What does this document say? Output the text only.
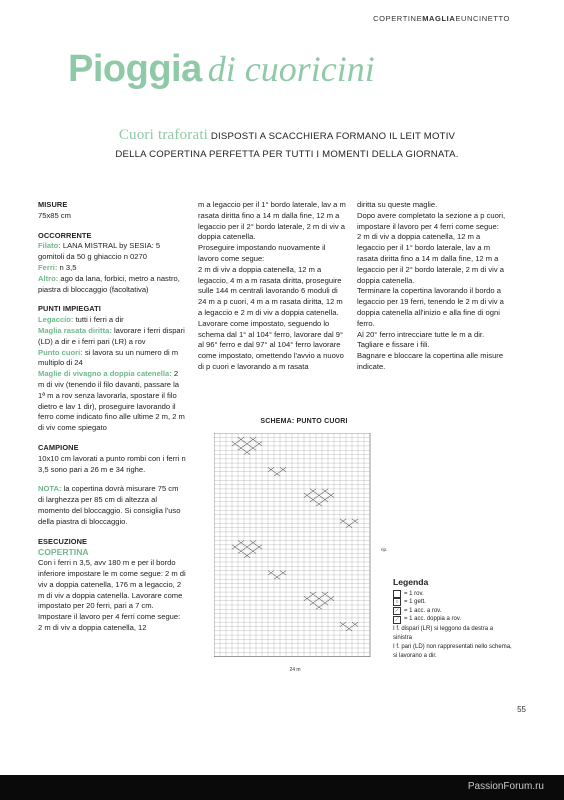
COPERTINEMAGLIAEUNCINETTO
Pioggia di cuoricini
Cuori traforati DISPOSTI A SCACCHIERA FORMANO IL LEIT MOTIV
DELLA COPERTINA PERFETTA PER TUTTI I MOMENTI DELLA GIORNATA.

MISURE

75x85 cm

OCCORRENTE

Filato: LANA MISTRAL by SESIA: 5 gomitoli da 50 g ghiaccio n 0270

Ferri: n 3,5

Altro: ago da lana, forbici, metro a nastro, piastra di bloccaggio (facoltativa)

PUNTI IMPIEGATI

Legaccio: tutti i ferri a dir

Maglia rasata diritta: lavorare i ferri dispari (LD) a dir e i ferri pari (LR) a rov

Punto cuori: si lavora su un numero di m multiplo di 24

Maglie di vivagno a doppia catenella: 2 m di viv (tenendo il filo davanti, passare la 1ª m a rov senza lavorarla, spostare il filo dietro e lav 1 dir), proseguire lavorando il ferro come indicato fino alle ultime 2 m, 2 m di viv come spiegato

CAMPIONE

10x10 cm lavorati a punto rombi con i ferri n 3,5 sono pari a 26 m e 34 righe.

NOTA: la copertina dovrà misurare 75 cm di larghezza per 85 cm di altezza al momento del bloccaggio. Si consiglia l'uso della piastra di bloccaggio.

ESECUZIONE

COPERTINA

Con i ferri n 3,5, avv 180 m e per il bordo inferiore impostare le m come segue: 2 m di viv a doppia catenella, 176 m a legaccio, 2 m di viv a doppia catenella. Lavorare come impostato per 20 ferri, pari a 7 cm. Impostare il lavoro per 4 ferri come segue: 2 m di viv a doppia catenella, 12

m a legaccio per il 1° bordo laterale, lav a m rasata diritta fino a 14 m dalla fine, 12 m a legaccio per il 2° bordo laterale, 2 m di viv a doppia catenella.

Proseguire impostando nuovamente il lavoro come segue:

2 m di viv a doppia catenella, 12 m a legaccio, 4 m a m rasata diritta, proseguire sulle 144 m centrali lavorando 6 moduli di 24 m a p cuori, 4 m a m rasata diritta, 12 m a legaccio e 2 m di viv a doppia catenella.

Lavorare come impostato, seguendo lo schema dal 1° al 104° ferro, lavorare dal 9° al 96° ferro e dal 97° al 104° ferro lavorare come impostato, omettendo l'avvio a nuovo di p cuori e lavorando a m rasata

diritta su queste maglie.

Dopo avere completato la sezione a p cuori, impostare il lavoro per 4 ferri come segue:

2 m di viv a doppia catenella, 12 m a legaccio per il 1° bordo laterale, lav a m rasata diritta fino a 14 m dalla fine, 12 m a legaccio per il 2° bordo laterale, 2 m di viv a doppia catenella.

Terminare la copertina lavorando il bordo a legaccio per 19 ferri, tenendo le 2 m di viv a doppia catenella all'inizio e alla fine di ogni ferro.

Al 20° ferro intrecciare tutte le m a dir.

Tagliare e fissare i fili.

Bagnare e bloccare la copertina alle misure indicate.

SCHEMA: PUNTO CUORI
rip.
24 m
Legenda
= 1 rov.
○ = 1 gett.
⟋ = 1 acc. a rov.
⟋ = 1 acc. doppia a rov.
I f. dispari (LR) si leggono da destra a sinistra
I f. pari (LD) non rappresentati nello schema, si lavorano a dir.
55
PassionForum.ru
